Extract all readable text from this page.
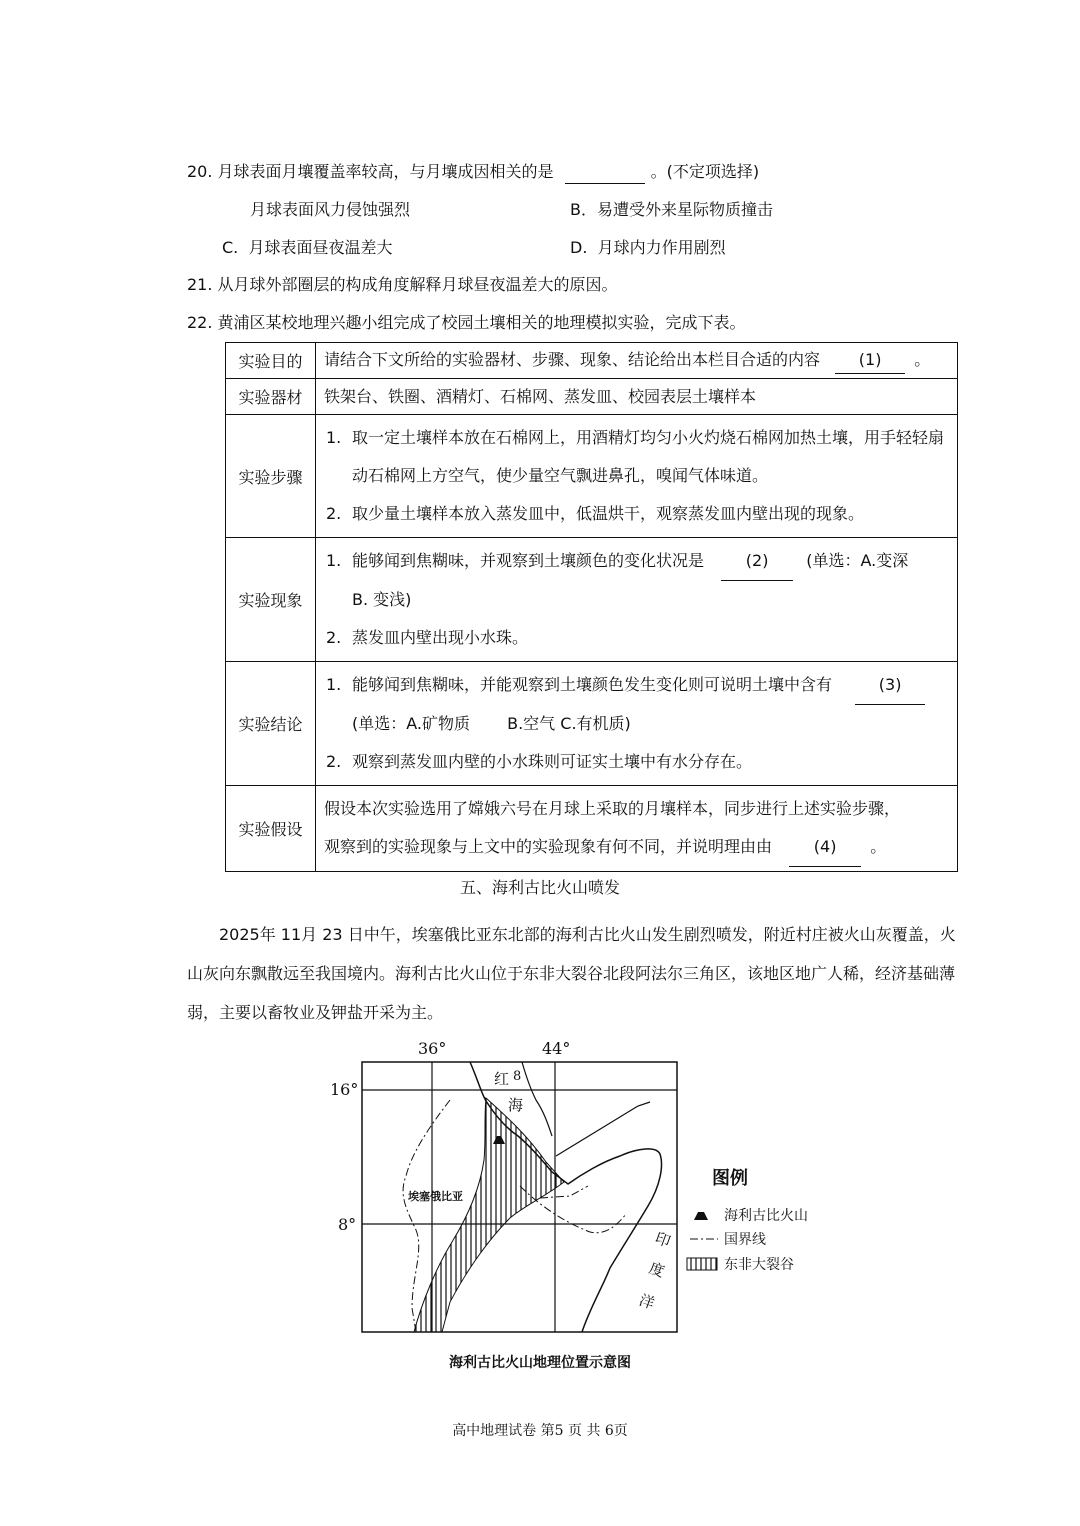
20. 月球表面月壤覆盖率较高，与月壤成因相关的是	。(不定项选择)
月球表面风力侵蚀强烈	B．易遭受外来星际物质撞击
C. 月球表面昼夜温差大	D. 月球内力作用剧烈
21. 从月球外部圈层的构成角度解释月球昼夜温差大的原因。
22. 黄浦区某校地理兴趣小组完成了校园土壤相关的地理模拟实验，完成下表。
实验目的	请结合下文所给的实验器材、步骤、现象、结论给出本栏目合适的内容 (1) 。
实验器材	铁架台、铁圈、酒精灯、石棉网、蒸发皿、校园表层土壤样本
实验步骤	1. 取一定土壤样本放在石棉网上，用酒精灯均匀小火灼烧石棉网加热土壤，用手轻轻扇动石棉网上方空气，使少量空气飘进鼻孔，嗅闻气体味道。
2. 取少量土壤样本放入蒸发皿中，低温烘干，观察蒸发皿内壁出现的现象。

实验现象	1. 能够闻到焦糊味，并观察到土壤颜色的变化状况是 (2) (单选：A.变深
B. 变浅)
2. 蒸发皿内壁出现小水珠。

实验结论	1. 能够闻到焦糊味，并能观察到土壤颜色发生变化则可说明土壤中含有 (3)
(单选：A.矿物质 B.空气 C.有机质)
2. 观察到蒸发皿内壁的小水珠则可证实土壤中有水分存在。

实验假设	假设本次实验选用了嫦娥六号在月球上采取的月壤样本，同步进行上述实验步骤，
观察到的实验现象与上文中的实验现象有何不同，并说明理由由 (4) 。
五、海利古比火山喷发
2025年 11月 23 日中午，埃塞俄比亚东北部的海利古比火山发生剧烈喷发，附近村庄被火山灰覆盖，火山灰向东飘散远至我国境内。海利古比火山位于东非大裂谷北段阿法尔三角区，该地区地广人稀，经济基础薄弱，主要以畜牧业及钾盐开采为主。
36°	44°
16°
8°
红 8
海
埃塞俄比亚
印
度
洋
图例
海利古比火山
国界线
东非大裂谷
海利古比火山地理位置示意图
高中地理试卷 第5 页 共 6页
